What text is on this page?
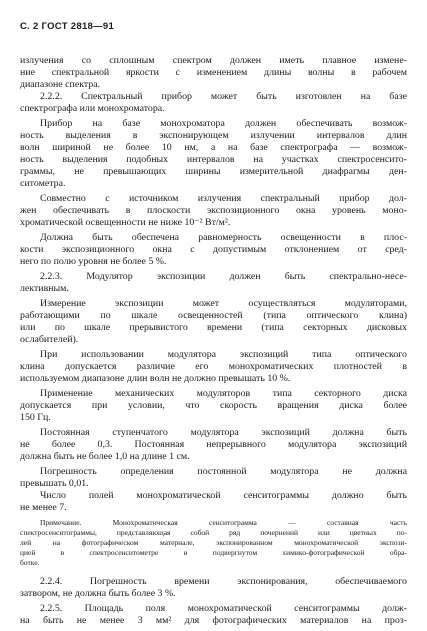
С. 2 ГОСТ 2818—91
излучения со сплошным спектром должен иметь плавное измене-
ние спектральной яркости с изменением длины волны в рабочем
диапазоне спектра.
2.2.2. Спектральный прибор может быть изготовлен на базе
спектрографа или монохроматора.
Прибор на базе монохроматора должен обеспечивать возмож-
ность выделения в экспонирующем излучении интервалов длин
волн шириной не более 10 нм, а на базе спектрографа — возмож-
ность выделения подобных интервалов на участках спектросенсито-
граммы, не превышающих ширины измерительной диафрагмы ден-
ситометра.
Совместно с источником излучения спектральный прибор дол-
жен обеспечивать в плоскости экспозиционного окна уровень моно-
хроматической освещенности не ниже 10⁻² Вт/м².
Должна быть обеспечена равномерность освещенности в плос-
кости экспозиционного окна с допустимым отклонением от сред-
него по полю уровня не более 5 %.
2.2.3. Модулятор экспозиции должен быть спектрально-несе-
лективным.
Измерение экспозиции может осуществляться модуляторами,
работающими по шкале освещенностей (типа оптического клина)
или по шкале прерывистого времени (типа секторных дисковых
ослабителей).
При использовании модулятора экспозиций типа оптического
клина допускается различие его монохроматических плотностей в
используемом диапазоне длин волн не должно превышать 10 %.
Применение механических модуляторов типа секторного диска
допускается при условии, что скорость вращения диска более
150 Гц.
Постоянная ступенчатого модулятора экспозиций должна быть
не более 0,3. Постоянная непрерывного модулятора экспозиций
должна быть не более 1,0 на длине 1 см.
Погрешность определения постоянной модулятора не должна
превышать 0,01.
Число полей монохроматической сенситограммы должно быть
не менее 7.
Примечание. Монохроматическая сенситограмма — составная часть
спектросенситограммы, представляющая собой ряд почернений или цветных по-
лей на фотографическом материале, экспонированном монохроматической экспози-
цией в спектросенситометре и подвергнутом химико-фотографической обра-
ботке.
2.2.4. Погрешность времени экспонирования, обеспечиваемого
затвором, не должна быть более 3 %.
2.2.5. Площадь поля монохроматической сенситограммы долж-
на быть не менее 3 мм² для фотографических материалов на проз-
